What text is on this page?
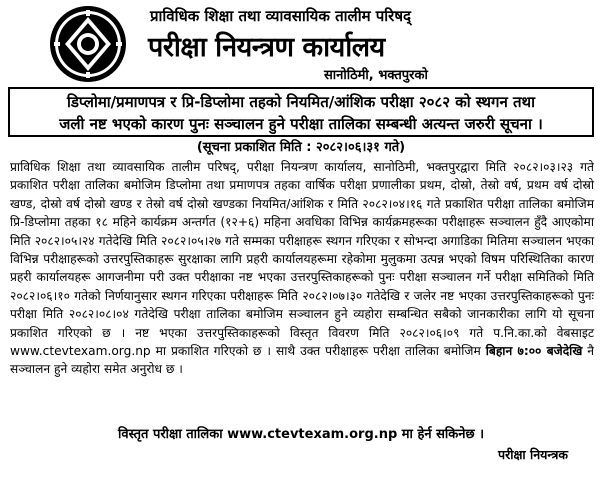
प्राविधिक शिक्षा तथा व्यावसायिक तालीम परिषद्
परीक्षा नियन्त्रण कार्यालय
सानोठिमी, भक्तपुरको
डिप्लोमा/प्रमाणपत्र र प्रि-डिप्लोमा तहको नियमित/आंशिक परीक्षा २०८२ को स्थगन तथा
जली नष्ट भएको कारण पुनः सञ्चालन हुने परीक्षा तालिका सम्बन्धी अत्यन्त जरुरी सूचना ।
(सूचना प्रकाशित मिति : २०८२।०६।३१ गते)
प्राविधिक शिक्षा तथा व्यावसायिक तालीम परिषद्, परीक्षा नियन्त्रण कार्यालय, सानोठिमी, भक्तपुरद्वारा मिति २०८२।०३।२३ गते प्रकाशित परीक्षा तालिका बमोजिम डिप्लोमा तथा प्रमाणपत्र तहका वार्षिक परीक्षा प्रणालीका प्रथम, दोस्रो, तेस्रो वर्ष, प्रथम वर्ष दोस्रो खण्ड, दोस्रो वर्ष दोस्रो खण्ड र तेस्रो वर्ष दोस्रो खण्डका नियमित/आंशिक र मिति २०८२।०४।१६ गते प्रकाशित परीक्षा तालिका बमोजिम प्रि-डिप्लोमा तहका १८ महिने कार्यक्रम अन्तर्गत (१२+६) महिना अवधिका विभिन्न कार्यक्रमहरूका परीक्षाहरू सञ्चालन हुँदै आएकोमा मिति २०८२।०५।२४ गतेदेखि मिति २०८२।०५।२७ गते सम्मका परीक्षाहरू स्थगन गरिएका र सोभन्दा अगाडिका मितिमा सञ्चालन भएका विभिन्न परीक्षाहरूको उत्तरपुस्तिकाहरू सुरक्षाका लागि प्रहरी कार्यालयहरूमा रहेकोमा मुलुकमा उत्पन्न भएको विषम परिस्थितिका कारण प्रहरी कार्यालयहरू आगजनीमा परी उक्त परीक्षाका नष्ट भएका उत्तरपुस्तिकाहरूको पुनः परीक्षा सञ्चालन गर्ने परीक्षा समितिको मिति २०८२।०६।१० गतेको निर्णयानुसार स्थगन गरिएका परीक्षाहरू मिति २०८२।०७।३० गतेदेखि र जलेर नष्ट भएका उत्तरपुस्तिकाहरूको पुनः परीक्षा मिति २०८२।०८।०४ गतेदेखि परीक्षा तालिका बमोजिम सञ्चालन हुने व्यहोरा सम्बन्धित सबैको जानकारीका लागि यो सूचना प्रकाशित गरिएको छ । नष्ट भएका उत्तरपुस्तिकाहरूको विस्तृत विवरण मिति २०८२।०६।०९ गते प.नि.का.को वेबसाइट www.ctevtexam.org.np मा प्रकाशित गरिएको छ । साथै उक्त परीक्षाहरू परीक्षा तालिका बमोजिम बिहान ७:०० बजेदेखि नै सञ्चालन हुने व्यहोरा समेत अनुरोध छ ।
विस्तृत परीक्षा तालिका www.ctevtexam.org.np मा हेर्न सकिनेछ ।
परीक्षा नियन्त्रक
